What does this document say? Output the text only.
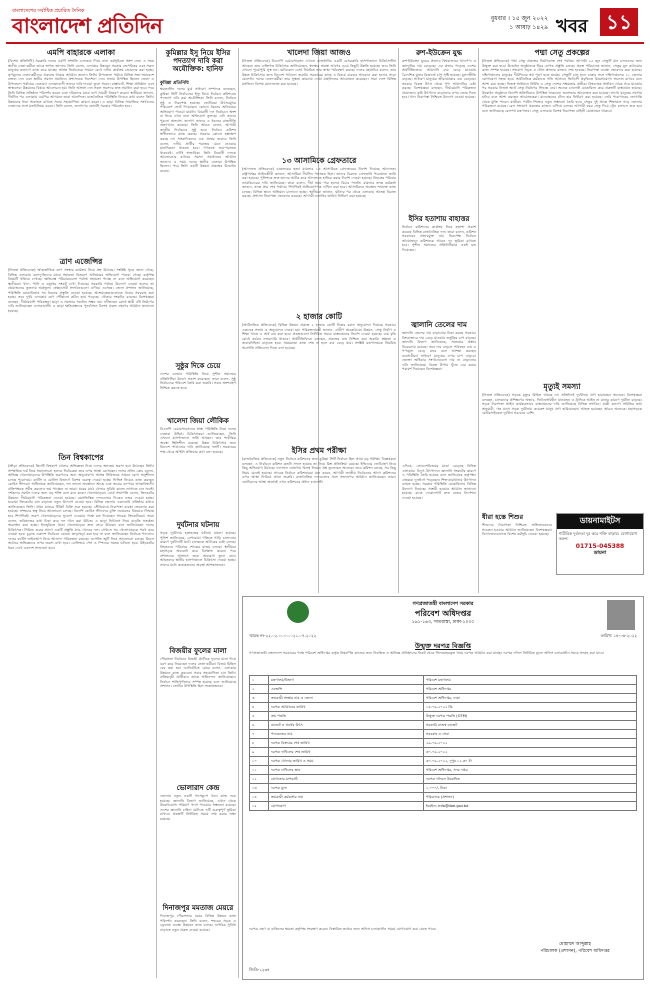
বাংলাদেশের সর্বাধিক প্রচারিত দৈনিক
বাংলাদেশ প্রতিদিন	বুধবার । ১৫ জুন ২০২২
১ আষাঢ় ১৪২৯ খবর ১১
এমপি বাহারকে এলাকা
(বিশেষ প্রতিনিধি) সরকারি দলের এমপি সম্প্রতি এলাকায় গিয়ে নানা কর্মসূচিতে অংশ নেন। এ সময় স্থানীয় নেতা-কর্মীরা তাকে স্বাগত জানান। তিনি বলেন, এলাকার উন্নয়নে সরকার বদ্ধপরিকর এবং সকল মানুষের কল্যাণে কাজ করে যাচ্ছে। আসন্ন নির্বাচনকে সামনে রেখে দলীয় কার্যক্রম জোরদার করা হচ্ছে। তৃণমূলের নেতা-কর্মীদের ঐক্যবদ্ধ থাকার আহ্বান জানান তিনি। উপজেলা পর্যায়ে বিভিন্ন সভা-সমাবেশে বক্তব্য দেন এবং স্থানীয় সমস্যা সমাধানে প্রশাসনকে নির্দেশনা দেন। সভায় উপস্থিত ছিলেন জেলা ও উপজেলা পর্যায়ের নেতারা। এলাকাবাসী তাদের দাবি-দাওয়া তুলে ধরেন। রাস্তাঘাট, শিক্ষা প্রতিষ্ঠান এবং স্বাস্থ্যসেবা উন্নয়নের বিষয়ে আলোচনা হয়। তিনি আশ্বাস দেন সকল সমস্যার দ্রুত সমাধান করা হবে। পরে তিনি বিভিন্ন প্রতিষ্ঠান পরিদর্শন করেন এবং দরিদ্রদের মাঝে ত্রাণ সামগ্রী বিতরণ করেন। স্থানীয়রা জানান, দীর্ঘদিন পর এলাকায় এমপির আগমনে তারা আনন্দিত। রাজনৈতিক পরিস্থিতি নিয়েও কথা বলেন তিনি। উন্নয়নের ধারা অব্যাহত রাখতে সবার সহযোগিতা কামনা করেন। এ ছাড়া বিভিন্ন সামাজিক সংগঠনের নেতাদের সঙ্গে মতবিনিময় করেন। তিনি বলেন, জনগণের ভোটেই সরকার পরিবর্তন হবে।
ত্রাণ এজেন্সির
(নিজস্ব প্রতিবেদক) আন্তর্জাতিক ত্রাণ সংস্থার কার্যক্রম নিয়ে প্রশ্ন উঠেছে। সংশ্লিষ্ট সূত্রে জানা গেছে, বিভিন্ন এলাকায় বন্যাদুর্গতদের মাঝে সহায়তা বিতরণে অনিয়মের অভিযোগ পাওয়া গেছে। কর্তৃপক্ষ বিষয়টি খতিয়ে দেখছে। ক্ষতিগ্রস্ত পরিবারগুলো পর্যাপ্ত সহায়তা পাচ্ছে না বলে অভিযোগ করেছেন স্থানীয়রা। খাদ্য, পানি ও ওষুধের সংকট দেখা দিয়েছে। সরকারি পর্যায়ে উদ্যোগ নেওয়া হলেও তা প্রয়োজনের তুলনায় অপ্রতুল। স্বেচ্ছাসেবী সংগঠনগুলো এগিয়ে এসেছে। জেলা প্রশাসন জানিয়েছে, পরিস্থিতি মোকাবিলায় সব ধরনের প্রস্তুতি নেওয়া হয়েছে। আশ্রয়কেন্দ্রগুলোতে খাবার সরবরাহ করা হচ্ছে। তবে দুর্গম এলাকায় ত্রাণ পৌঁছানো কঠিন হয়ে পড়েছে। নৌকার সংকটও রয়েছে। বিশেষজ্ঞরা বলছেন, দীর্ঘমেয়াদি পরিকল্পনা ছাড়া এ সমস্যার সমাধান সম্ভব নয়। নদীভাঙন রোধে স্থায়ী বাঁধ নির্মাণের দাবি জানিয়েছেন এলাকাবাসী। এ ছাড়া ক্ষতিগ্রস্তদের পুনর্বাসনে বিশেষ প্রকল্প গ্রহণের আহ্বান জানানো হয়েছে।
তিন বিশ্বকাপের
(ক্রীড়া প্রতিবেদক) তিনটি বিশ্বকাপ খেলার অভিজ্ঞতা নিয়ে দলের অন্যতম ভরসা হয়ে উঠেছেন তিনি। সাম্প্রতিক ফর্ম নিয়ে সমালোচনা হলেও নির্বাচকরা তার ওপর আস্থা রেখেছেন। দলের প্রধান কোচ বলেন, অভিজ্ঞ খেলোয়াড়দের উপস্থিতি তরুণদের জন্য অনুপ্রেরণা। আসন্ন সিরিজকে সামনে রেখে অনুশীলন চলছে পুরোদমে। ব্যাটিং ও বোলিং বিভাগে বিশেষ গুরুত্ব দেওয়া হচ্ছে। ফিল্ডিং নিয়েও কাজ করছেন কোচিং স্টাফরা। অধিনায়ক জানিয়েছেন, দল ভালো অবস্থানে আছে এবং জয়ের ব্যাপারে আত্মবিশ্বাসী। প্রতিপক্ষকে সমীহ করলেও ভয় পাচ্ছেন না তারা। ঘরের মাঠে খেলার সুবিধা কাজে লাগাতে চান সবাই। দর্শকদের সমর্থন দলের জন্য বড় শক্তি বলে মনে করেন খেলোয়াড়রা। বোর্ড সভাপতি বলেন, ক্রিকেটের উন্নয়নে দীর্ঘমেয়াদি পরিকল্পনা নেওয়া হয়েছে। বয়সভিত্তিক দলগুলোর দিকেও নজর দেওয়া হচ্ছে। ঘরোয়া ক্রিকেটের মান বাড়াতে নতুন উদ্যোগ নেওয়া হবে। বিভিন্ন জেলায় একাডেমি প্রতিষ্ঠার কথাও জানিয়েছেন তিনি। প্রথম ম্যাচের টিকিট বিক্রি শুরু হয়েছে। স্টেডিয়ামে নিরাপত্তা ব্যবস্থা জোরদার করা হয়েছে। সম্প্রচার স্বত্ব নিয়ে আলোচনা চলছে। বিদেশি কোচিং স্টাফদের চুক্তি নবায়নের বিষয়েও সিদ্ধান্ত হবে শিগগিরই। তরুণ খেলোয়াড়দের সুযোগ দেওয়ার পক্ষে মত দিয়েছেন সাবেক ক্রিকেটাররা। তারা বলেন, ভবিষ্যতের কথা চিন্তা করে দল গঠন করা উচিত। এ ছাড়া ফিটনেস নিয়ে বাড়তি সতর্কতা অবলম্বন করা হচ্ছে। ইনজুরিতে থাকা খেলোয়াড়রা দ্রুত সেরে উঠছেন বলে জানিয়েছেন দলের চিকিৎসক। সিরিজ শুরুর আগে একটি প্রস্তুতি ম্যাচ খেলবে দল। সেখানে সব খেলোয়াড়কে পরখ করে নেওয়া হবে। চূড়ান্ত একাদশ নির্বাচনে কোনো তাড়াহুড়া করা হবে না বলে জানিয়েছেন নির্বাচক প্যানেল। দলের ব্যাটিং লাইনআপ নিয়ে আলাদা পরিকল্পনা রয়েছে। ওপেনিং জুটি নিয়ে আলোচনা চলছে। মিডল অর্ডারে অভিজ্ঞদের ওপর ভরসা রাখা হবে। বোলিংয়ে পেস ও স্পিনের সমন্বয় ঘটানো হবে। উইকেটের ধরন দেখে একাদশ সাজানো হবে।
কুমিল্লার ইসু নিয়ে ইসির পদত্যাগ দাবি করা অযৌক্তিক: হানিফ
কুমিল্লা প্রতিনিধি
ক্ষমতাসীন দলের যুগ্ম সাধারণ সম্পাদক বলেছেন, কুমিল্লা সিটি নির্বাচনের ইস্যু নিয়ে নির্বাচন কমিশনের পদত্যাগ দাবি করা অযৌক্তিক। তিনি বলেন, নির্বাচন সুষ্ঠু ও নিরপেক্ষ হয়েছে। ভোটাররা উৎসবমুখর পরিবেশে ভোট দিয়েছেন। কোনো ধরনের অনিয়মের অভিযোগ পাওয়া যায়নি। বিরোধী দল নির্বাচনে অংশ না নিয়ে এখন নানা অভিযোগ তুলছে। এটা তাদের পুরনো অভ্যাস। জনগণ তাদের এ ধরনের রাজনীতি প্রত্যাখ্যান করেছে। তিনি আরও বলেন, আগামী জাতীয় নির্বাচনও সুষ্ঠু হবে। নির্বাচন কমিশন স্বাধীনভাবে কাজ করছে। সরকার কোনো হস্তক্ষেপ করছে না। সাংবাদিকদের এক প্রশ্নের জবাবে তিনি বলেন, দলীয় প্রার্থীর পরাজয় মেনে নেওয়ার মানসিকতা থাকতে হবে। গণতন্ত্রে জয়-পরাজয় থাকবেই। এটাই স্বাভাবিক। তিনি বিরোধী দলকে আলোচনার মাধ্যমে সমস্যা সমাধানের আহ্বান জানান। এ সময় দলের স্থানীয় নেতারা উপস্থিত ছিলেন। পরে তিনি একটি উন্নয়ন প্রকল্পের উদ্বোধন করেন।
সুষ্ঠুর দিকে চেয়ে
দেশের চলমান পরিস্থিতি নিয়ে সুশীল সমাজের প্রতিনিধিরা উদ্বেগ প্রকাশ করেছেন। তারা বলেন, সুষ্ঠু নির্বাচনের পরিবেশ তৈরি করা জরুরি। সবার অংশগ্রহণ নিশ্চিত করতে হবে।
খালেদা জিয়া লৌকিক
বিএনপি চেয়ারপারসনের স্বাস্থ্য পরিস্থিতি নিয়ে দলের নেতারা উদ্বিগ্ন। চিকিৎসকরা জানিয়েছেন, তিনি এখনো হাসপাতালে ভর্তি আছেন। তার শারীরিক অবস্থা স্থিতিশীল রয়েছে। উন্নত চিকিৎসার জন্য বিদেশে পাঠানোর দাবি জানিয়েছে দলটি। সরকারের পক্ষ থেকে আইনি প্রক্রিয়ার কথা বলা হয়েছে।
দুর্ঘটনার ঘটনায়
সড়ক দুর্ঘটনায় হতাহতের ঘটনায় মামলা হয়েছে। পুলিশ জানিয়েছে, বেপরোয়া গতিতে গাড়ি চালানোর কারণে দুর্ঘটনাটি ঘটে। চালককে আটকের চেষ্টা চলছে। নিহতদের পরিবারে শোকের মাতম চলছে। স্থানীয়রা মহাসড়ক অবরোধ করে বিক্ষোভ করেন। পরে প্রশাসনের আশ্বাসে তারা অবরোধ তুলে নেন। আহতদের স্থানীয় হাসপাতালে চিকিৎসা দেওয়া হচ্ছে। তাদের মধ্যে কয়েকজনের অবস্থা আশঙ্কাজনক।
বিজয়ীর ফুলের মালা
পৌরসভা নির্বাচনে বিজয়ী প্রার্থীকে ফুলের মালা দিয়ে বরণ করে নিয়েছেন দলের নেতা-কর্মীরা। বিজয় মিছিল বের করা হয়। নবনির্বাচিত মেয়র বলেন, এলাকার উন্নয়নে কাজ করবেন। সবার সহযোগিতা চান তিনি। প্রতিদ্বন্দ্বী প্রার্থীরাও তাকে অভিনন্দন জানিয়েছেন। নির্বাচন শান্তিপূর্ণভাবে সম্পন্ন হয়েছে বলে জানিয়েছে প্রশাসন। ভোটার উপস্থিতি ছিল সন্তোষজনক।
ভোলারাদ কেন্দ্র
ভোলায় নতুন একটি গ্যাসকূপে খনন কাজ শুরু হয়েছে। জ্বালানি বিভাগ জানিয়েছে, এখান থেকে উল্লেখযোগ্য পরিমাণ গ্যাস পাওয়ার সম্ভাবনা রয়েছে। দেশের জ্বালানি চাহিদা মেটাতে এটি গুরুত্বপূর্ণ ভূমিকা রাখবে। প্রকল্পটি নির্ধারিত সময়ে শেষ করার লক্ষ্য রয়েছে।
দিনাজপুর মমতাজ মেয়রে
দিনাজপুর পৌরসভার মেয়র বিভিন্ন উন্নয়ন কাজ পরিদর্শন করেছেন। তিনি বলেন, শহরের সড়ক ও ড্রেনেজ ব্যবস্থা উন্নয়নে কাজ চলছে। নাগরিক সুবিধা বাড়াতে নতুন প্রকল্প নেওয়া হয়েছে।
খালেদা জিয়া আজও
(নিজস্ব প্রতিবেদক) বিএনপি চেয়ারপারসন এখনো রাজধানীর একটি বেসরকারি হাসপাতালে চিকিৎসাধীন আছেন। তার ব্যক্তিগত চিকিৎসক জানিয়েছেন, স্বাস্থ্যের অবস্থা আগের চেয়ে কিছুটা উন্নতি হয়েছে। তবে তিনি এখনো পুরোপুরি সুস্থ নন। মেডিকেল বোর্ড নিয়মিত তার স্বাস্থ্য পর্যবেক্ষণ করছে। দলের মহাসচিব বলেন, তার উন্নত চিকিৎসার জন্য বিদেশে পাঠানো জরুরি। সরকারের কাছে এ বিষয়ে বারবার আবেদন করা হলেও সাড়া মেলেনি। দলের নেতা-কর্মীরা তার সুস্থতা কামনায় দোয়া মাহফিলের আয়োজন করেছেন। সারা দেশে বিভিন্ন মসজিদে বিশেষ মোনাজাত করা হয়েছে।
১৩ আসামিকে গ্রেফতারে
(আদালত প্রতিবেদক) চাঞ্চল্যকর হত্যা মামলার ১৩ আসামিকে গ্রেফতারের নির্দেশ দিয়েছে আদালত। রাষ্ট্রপক্ষের আইনজীবী জানান, আসামিরা দীর্ঘদিন পলাতক ছিল। তাদের বিরুদ্ধে গ্রেফতারি পরোয়ানা জারি করা হয়েছে। পুলিশকে দ্রুত তাদের আটক করে আদালতে হাজির করার নির্দেশ দেওয়া হয়েছে। নিহতের পরিবার ন্যায়বিচারের দাবি জানিয়েছে। তারা বলেন, দীর্ঘ সময় পার হলেও বিচার পাননি। মামলার তদন্ত কর্মকর্তা জানান, তদন্ত প্রায় শেষ পর্যায়ে। শিগগিরই অভিযোগপত্র দাখিল করা হবে। আসামিদের অবস্থান শনাক্তে কাজ চলছে। বিভিন্ন স্থানে অভিযান চালানো হচ্ছে। স্থানীয়রা জানান, ঘটনার পর থেকে এলাকায় আতঙ্ক বিরাজ করছে। প্রশাসন নিরাপত্তা জোরদার করেছে। আগামী শুনানির তারিখ নির্ধারণ করা হয়েছে।
২ হাজার কোটি
(অর্থনৈতিক প্রতিবেদক) বিভিন্ন উন্নয়ন প্রকল্পে ২ হাজার কোটি টাকার বরাদ্দ অনুমোদন দিয়েছে সরকার। একনেক সভায় এ অনুমোদন দেওয়া হয়। পরিকল্পনামন্ত্রী জানান, গ্রামীণ অবকাঠামো উন্নয়ন, সেতু নির্মাণ ও শিক্ষা খাতে এ অর্থ ব্যয় করা হবে। প্রকল্পগুলো নির্ধারিত সময়ে বাস্তবায়নের নির্দেশ দেওয়া হয়েছে। ব্যয় বৃদ্ধি রোধে কঠোর নজরদারি থাকবে। অর্থনীতিবিদরা বলছেন, প্রকল্পের মান নিশ্চিত করা জরুরি। স্বচ্ছতা ও জবাবদিহিতা বাড়াতে হবে। সময়মতো কাজ শেষ না হলে ব্যয় বেড়ে যায়। সংশ্লিষ্ট মন্ত্রণালয়কে নিয়মিত অগ্রগতি প্রতিবেদন দিতে বলা হয়েছে।
ইসির প্রথম পরীক্ষা
(রাজনৈতিক প্রতিবেদক) নতুন নির্বাচন কমিশনের জন্য কুমিল্লা সিটি নির্বাচন ছিল প্রথম বড় পরীক্ষা। বিশ্লেষকরা বলছেন, এ নির্বাচনে কমিশন কতটা সফল হয়েছে তা নিয়ে মিশ্র প্রতিক্রিয়া রয়েছে। ইভিএমে ভোটগ্রহণ নিয়ে কিছু অভিযোগ উঠেছে। ফলাফল ঘোষণায় বিলম্ব নিয়েও প্রশ্ন তুলেছেন অনেকে। তবে কমিশন বলছে, সব কিছু নিয়ম মেনেই হয়েছে। সাবেক নির্বাচন কমিশনাররা মনে করেন, আগামী জাতীয় নির্বাচনের আগে কমিশনের ওপর আস্থা ফিরিয়ে আনা জরুরি। রাজনৈতিক দলগুলোর সঙ্গে সংলাপের আহ্বান জানিয়েছেন তারা। ভোটারদের আস্থা অর্জনই এখন কমিশনের প্রধান চ্যালেঞ্জ।
রুশ-ইউক্রেন যুদ্ধ
রুশ-ইউক্রেন যুদ্ধের প্রভাবে বিশ্ববাজারে খাদ্যপণ্য ও জ্বালানির দাম বেড়েছে। এর প্রভাব পড়েছে দেশের অর্থনীতিতেও। আমদানি ব্যয় বেড়ে যাওয়ায় বৈদেশিক মুদ্রার রিজার্ভে চাপ সৃষ্টি হয়েছে। মূল্যস্ফীতি বাড়ছে। সাধারণ মানুষের জীবনযাত্রার ব্যয় বেড়েছে। সরকার বিকল্প উৎস থেকে পণ্য আমদানির চেষ্টা করছে। বিশেষজ্ঞরা বলছেন, দীর্ঘমেয়াদি পরিকল্পনা প্রয়োজন। কৃষি উৎপাদন বাড়ানোর ওপর জোর দিতে হবে। খাদ্য নিরাপত্তা নিশ্চিতে উদ্যোগ নেওয়া হয়েছে।
ইসির হতাশায় বাহাত্তর
নির্বাচন কমিশনের কার্যক্রম নিয়ে হতাশা প্রকাশ করেছে বিভিন্ন রাজনৈতিক দল। তারা বলেন, কমিশন সরকারের প্রভাবমুক্ত নয়। নিরপেক্ষ নির্বাচন আয়োজনে কমিশনকে আরও দৃঢ় ভূমিকা রাখতে হবে। সুশীল সমাজের প্রতিনিধিরাও একই মত দিয়েছেন।
জ্বালানি তেলের দাম
জ্বালানি তেলের দাম বাড়ানোর চিন্তা করছে সরকার। বিশ্ববাজারে দাম বেড়ে যাওয়ায় ভর্তুকির চাপ বাড়ছে। জ্বালানি বিভাগ জানিয়েছে, সমন্বয়ের প্রস্তাব বিবেচনায় রয়েছে। তবে দাম বাড়লে পরিবহন ব্যয় ও পণ্যমূল্য বেড়ে যাবে বলে আশঙ্কা করছেন ব্যবসায়ীরা। সাধারণ মানুষের ওপর চাপ বাড়বে। ভোক্তা অধিকার সংগঠনগুলো দাম না বাড়ানোর দাবি জানিয়েছে। বিকল্প উপায় খুঁজে বের করার পরামর্শ দিয়েছেন বিশেষজ্ঞরা।
এদিকে, লোডশেডিংয়ের মাত্রা বেড়েছে বিভিন্ন এলাকায়। বিদ্যুৎ উৎপাদনে জ্বালানি সংকটের কারণে এ পরিস্থিতি তৈরি হয়েছে বলে জানিয়েছে কর্তৃপক্ষ। গ্রাহকরা দুর্ভোগে পড়েছেন। শিল্প-কারখানায় উৎপাদন ব্যাহত হচ্ছে। সরকার পরিস্থিতি মোকাবিলায় বিভিন্ন উদ্যোগ নিয়েছে। সাশ্রয়ী হওয়ার আহ্বান জানানো হয়েছে। রাতে দোকানপাট দ্রুত বন্ধের নির্দেশনা দেওয়া হয়েছে।
পদ্মা সেতু প্রকল্পের
(নিজস্ব প্রতিবেদক) পদ্মা সেতু প্রকল্পের নির্মাণকাজ শেষ পর্যায়ে। আগামী ২৫ জুন সেতুটি যান চলাচলের জন্য উন্মুক্ত করা হবে। উদ্বোধন অনুষ্ঠানকে ঘিরে ব্যাপক প্রস্তুতি চলছে। প্রকল্প পরিচালক জানান, সেতুর মূল কাঠামোর কাজ সম্পন্ন হয়েছে। সংযোগ সড়ক ও টোল প্লাজার কাজও শেষ হয়েছে। নিরাপত্তা ব্যবস্থা জোরদার করা হয়েছে। দক্ষিণাঞ্চলের মানুষের দীর্ঘদিনের স্বপ্ন পূরণ হতে যাচ্ছে। সেতুটি চালু হলে ঢাকার সঙ্গে দক্ষিণাঞ্চলের ২১ জেলার যোগাযোগ সহজ হবে। অর্থনৈতিক কর্মকাণ্ডে গতি আসবে। জিডিপি প্রবৃদ্ধিতে উল্লেখযোগ্য অবদান রাখবে বলে আশা করা হচ্ছে। নিজস্ব অর্থায়নে নির্মিত এ সেতু দেশের সক্ষমতার প্রতীক। বিশ্বব্যাংক অর্থায়ন থেকে সরে যাওয়ার পর সরকার নিজস্ব অর্থে সেতু নির্মাণের সিদ্ধান্ত নেয়। অনেক চ্যালেঞ্জ মোকাবিলা করে প্রকল্পটি বাস্তবায়ন হয়েছে। উদ্বোধন অনুষ্ঠানে বিদেশি অতিথিরাও উপস্থিত থাকবেন। জনসভার আয়োজন করা হয়েছে। লাখো মানুষের সমাগম ঘটবে বলে আশা করছেন আয়োজকরা। যানবাহনের টোল হার নির্ধারণ করা হয়েছে। ফেরি পারাপারের ভোগান্তি থেকে মুক্তি পাবেন যাত্রীরা। পর্যটন শিল্পেও নতুন সম্ভাবনা তৈরি হবে। সেতুর দুই প্রান্তে শিল্পাঞ্চল গড়ে তোলার পরিকল্পনা রয়েছে। রেল সংযোগ প্রকল্পের কাজও এগিয়ে চলছে। আগামী বছর সেতু দিয়ে ট্রেন চলাচল শুরু হবে বলে জানিয়েছে রেলপথ মন্ত্রণালয়। সেতু এলাকায় বিশেষ নিরাপত্তা বাহিনী মোতায়েন থাকবে।
মৃত্যুই সমস্যা
(নিজস্ব প্রতিবেদক) সড়কে মৃত্যুর মিছিল থামছে না। প্রতিদিনই দুর্ঘটনায় প্রাণ হারাচ্ছেন অনেকে। বিশেষজ্ঞরা বলছেন, চালকদের প্রশিক্ষণের অভাব, ফিটনেসবিহীন যানবাহন ও ট্রাফিক আইন না মানার কারণে দুর্ঘটনা বাড়ছে। সড়ক নিরাপত্তা আইন কার্যকরভাবে বাস্তবায়নের দাবি জানিয়েছে বিভিন্ন সংগঠন। যাত্রী কল্যাণ সমিতির তথ্য অনুযায়ী, গত মাসে সড়ক দুর্ঘটনায় কয়েকশ মানুষ প্রাণ হারিয়েছেন। আহত হয়েছেন আরও অনেকে। মহাসড়কে মোটরসাইকেল দুর্ঘটনা সবচেয়ে বেশি।
ধীরা হস্তে শিশুর
শিশুদের নিরাপত্তা নিশ্চিতে অভিভাবকদের সচেতন হওয়ার আহ্বান জানিয়েছেন বিশেষজ্ঞরা। বিদ্যালয়গুলোতে বিশেষ কর্মসূচি নেওয়া হয়েছে।
ডায়নামাইটস
শারীরিক দুর্বলতা দূর করে শক্তি বাড়ায়। যোগাযোগ করুন:
01715-045388
ডায়না
গণপ্রজাতন্ত্রী বাংলাদেশ সরকার
পরিবেশ অধিদপ্তর
১৬১-১৬৩, সাতরাস্তা, ঢাকা-১০০০
স্মারক নং-২২.০২.০০০০.০২১.০৭.২০২২	তারিখ: ১৪-০৬-২০২২
উন্মুক্ত দরপত্র বিজ্ঞপ্তি
গণপ্রজাতন্ত্রী বাংলাদেশ সরকারের পক্ষে পরিবেশ অধিদপ্তর কর্তৃক নিম্নবর্ণিত কাজের জন্য নিবন্ধিত ও অভিজ্ঞ প্রতিষ্ঠানের নিকট থেকে সিলমোহরকৃত খামে দরপত্র আহ্বান করা যাচ্ছে। দরপত্র দলিল নির্ধারিত মূল্যে অফিস চলাকালীন সময়ে সংগ্রহ করা যাবে।
১	মন্ত্রণালয়/বিভাগ	পরিবেশ মন্ত্রণালয়
২	এজেন্সি	পরিবেশ অধিদপ্তর
৩	ক্রয়কারী সংস্থার নাম ও জেলা	পরিবেশ অধিদপ্তর, ঢাকা
৪	দরপত্র আহ্বানের তারিখ	১৪-০৬-২০২২ খ্রি.
৫	ক্রয় পদ্ধতি	উন্মুক্ত দরপত্র পদ্ধতি (OTM)
৬	বাজেট ও অর্থের উৎস	সরকারি রাজস্ব বাজেট
৭	প্যাকেজের নাম	সরবরাহ ও সেবা
৮	দরপত্র বিক্রয়ের শেষ তারিখ	২৯-০৬-২০২২
৯	দরপত্র দাখিলের শেষ তারিখ	৩০-০৬-২০২২
১০	দরপত্র খোলার তারিখ ও সময়	৩০-০৬-২০২২, দুপুর ১২.৩০ টা
১১	দরপত্র দাখিলের স্থান	পরিবেশ অধিদপ্তর, সদর দপ্তর
১২	যোগ্যতার মাপকাঠি	দরপত্র দলিলে উল্লেখিত
১৩	দরপত্র মূল্য	১,০০০/- টাকা
১৪	ক্রয়কারী কর্মকর্তার নাম	পরিচালক (প্রশাসন)
১৫	যোগাযোগ	ইমেইল: info@doe.gov.bd
দরপত্র গ্রহণ বা বাতিলের ক্ষমতা কর্তৃপক্ষ সংরক্ষণ করেন। বিস্তারিত তথ্যের জন্য অফিস চলাকালীন সময়ে যোগাযোগ করা যেতে পারে।
মোহাম্মদ আব্দুল্লাহ
পরিচালক (প্রশাসন), পরিবেশ অধিদপ্তর
জিডি-১২৩৪
